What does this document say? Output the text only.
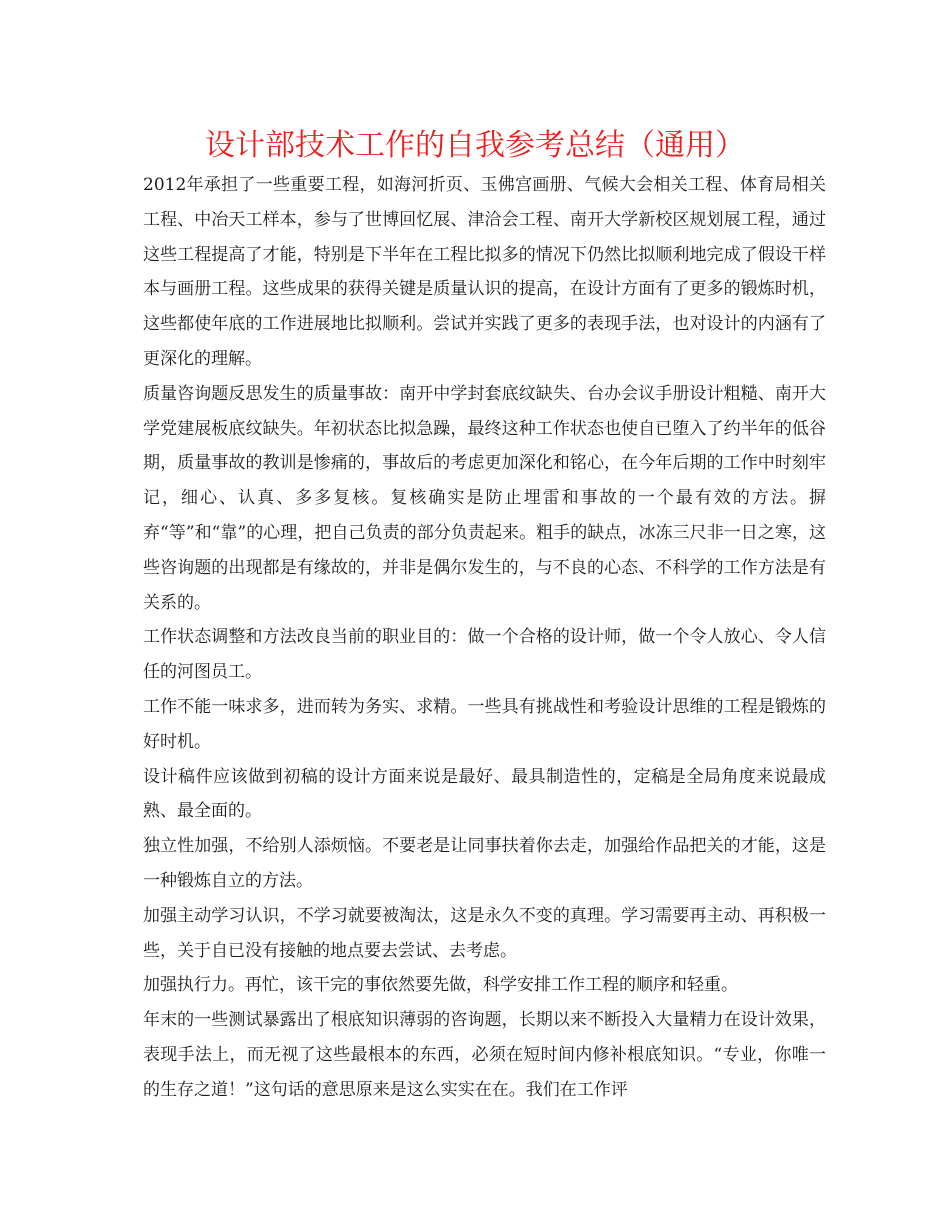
设计部技术工作的自我参考总结（通用）

2012年承担了一些重要工程，如海河折页、玉佛宫画册、气候大会相关工程、体育局相关工程、中冶天工样本，参与了世博回忆展、津洽会工程、南开大学新校区规划展工程，通过这些工程提高了才能，特别是下半年在工程比拟多的情况下仍然比拟顺利地完成了假设干样本与画册工程。这些成果的获得关键是质量认识的提高，在设计方面有了更多的锻炼时机，这些都使年底的工作进展地比拟顺利。尝试并实践了更多的表现手法，也对设计的内涵有了更深化的理解。

质量咨询题反思发生的质量事故：南开中学封套底纹缺失、台办会议手册设计粗糙、南开大学党建展板底纹缺失。年初状态比拟急躁，最终这种工作状态也使自已堕入了约半年的低谷期，质量事故的教训是惨痛的，事故后的考虑更加深化和铭心，在今年后期的工作中时刻牢记，细心、认真、多多复核。复核确实是防止埋雷和事故的一个最有效的方法。摒弃“等”和“靠”的心理，把自己负责的部分负责起来。粗手的缺点，冰冻三尺非一日之寒，这些咨询题的出现都是有缘故的，并非是偶尔发生的，与不良的心态、不科学的工作方法是有关系的。

工作状态调整和方法改良当前的职业目的：做一个合格的设计师，做一个令人放心、令人信任的河图员工。

工作不能一味求多，进而转为务实、求精。一些具有挑战性和考验设计思维的工程是锻炼的好时机。

设计稿件应该做到初稿的设计方面来说是最好、最具制造性的，定稿是全局角度来说最成熟、最全面的。

独立性加强，不给别人添烦恼。不要老是让同事扶着你去走，加强给作品把关的才能，这是一种锻炼自立的方法。

加强主动学习认识，不学习就要被淘汰，这是永久不变的真理。学习需要再主动、再积极一些，关于自已没有接触的地点要去尝试、去考虑。

加强执行力。再忙，该干完的事依然要先做，科学安排工作工程的顺序和轻重。

年末的一些测试暴露出了根底知识薄弱的咨询题，长期以来不断投入大量精力在设计效果，表现手法上，而无视了这些最根本的东西，必须在短时间内修补根底知识。“专业，你唯一的生存之道！”这句话的意思原来是这么实实在在。我们在工作评
